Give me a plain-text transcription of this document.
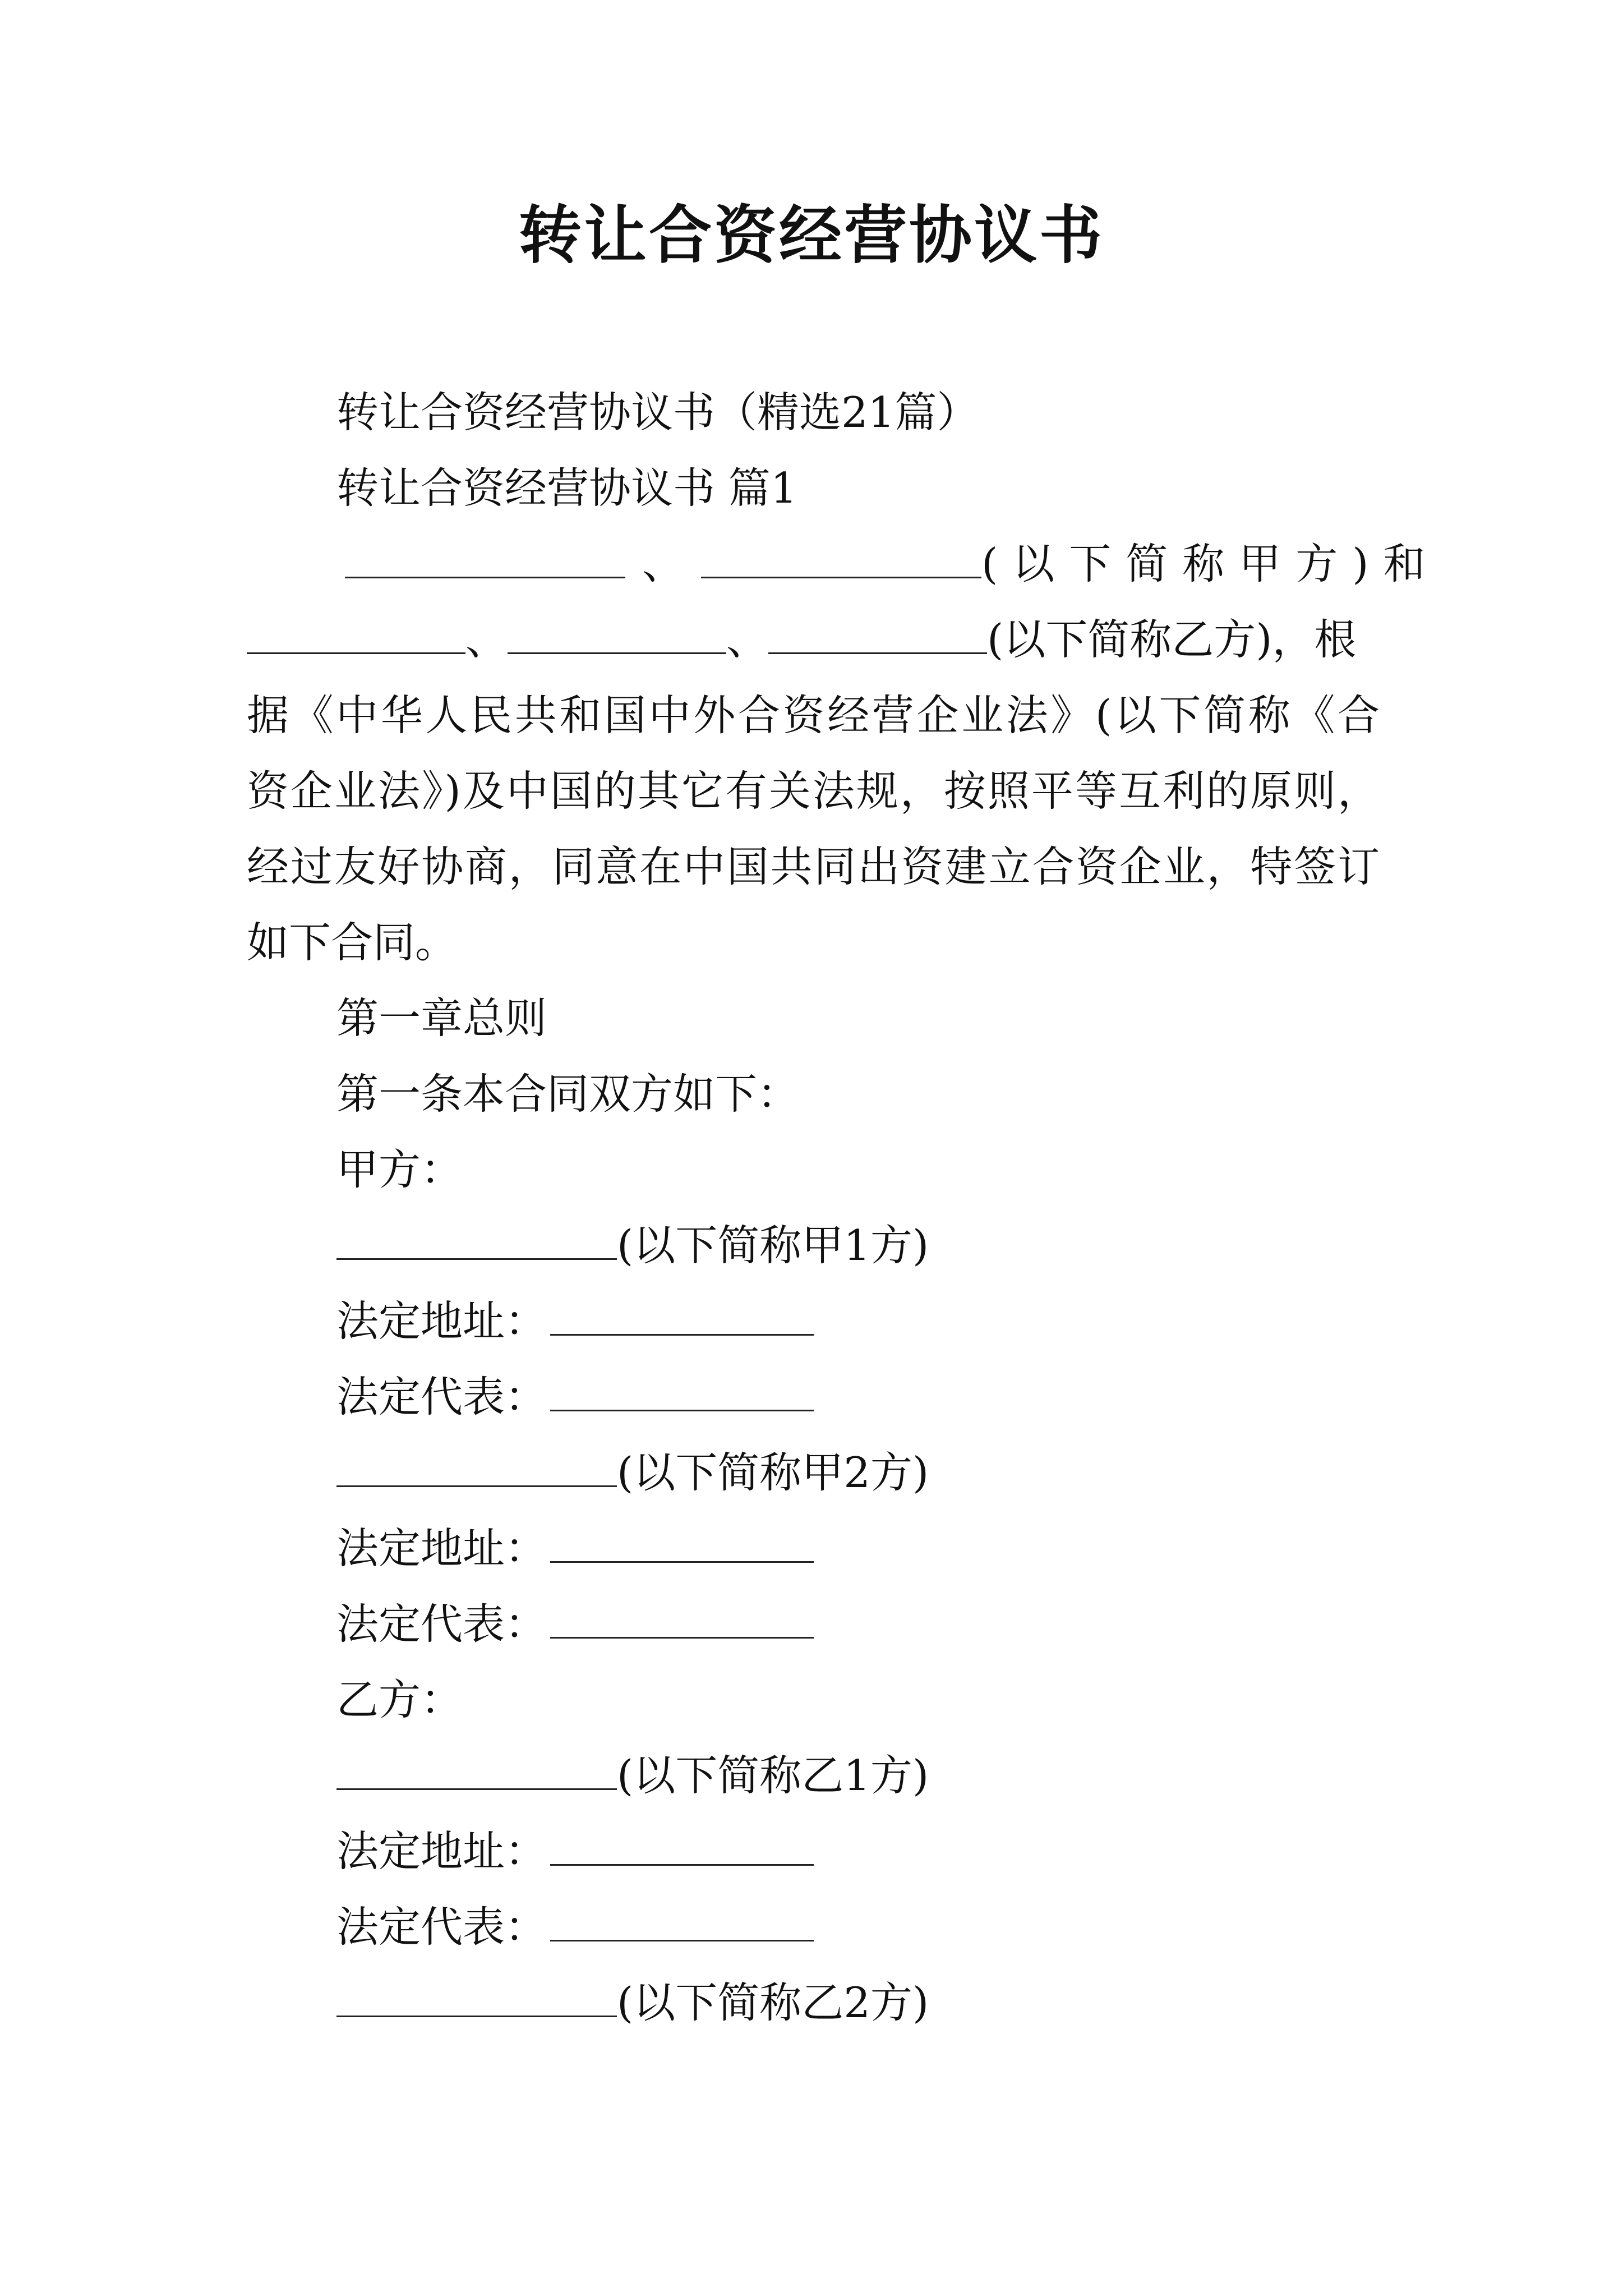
转让合资经营协议书
转让合资经营协议书（精选21篇）
转让合资经营协议书 篇1
、	(以下简称甲方)和
、	、	(以下简称乙方)，根
据《中华人民共和国中外合资经营企业法》(以下简称《合
资企业法》)及中国的其它有关法规，按照平等互利的原则，
经过友好协商，同意在中国共同出资建立合资企业，特签订
如下合同。
第一章总则
第一条本合同双方如下：
甲方：
(以下简称甲1方)
法定地址：
法定代表：
(以下简称甲2方)
法定地址：
法定代表：
乙方：
(以下简称乙1方)
法定地址：
法定代表：
(以下简称乙2方)
